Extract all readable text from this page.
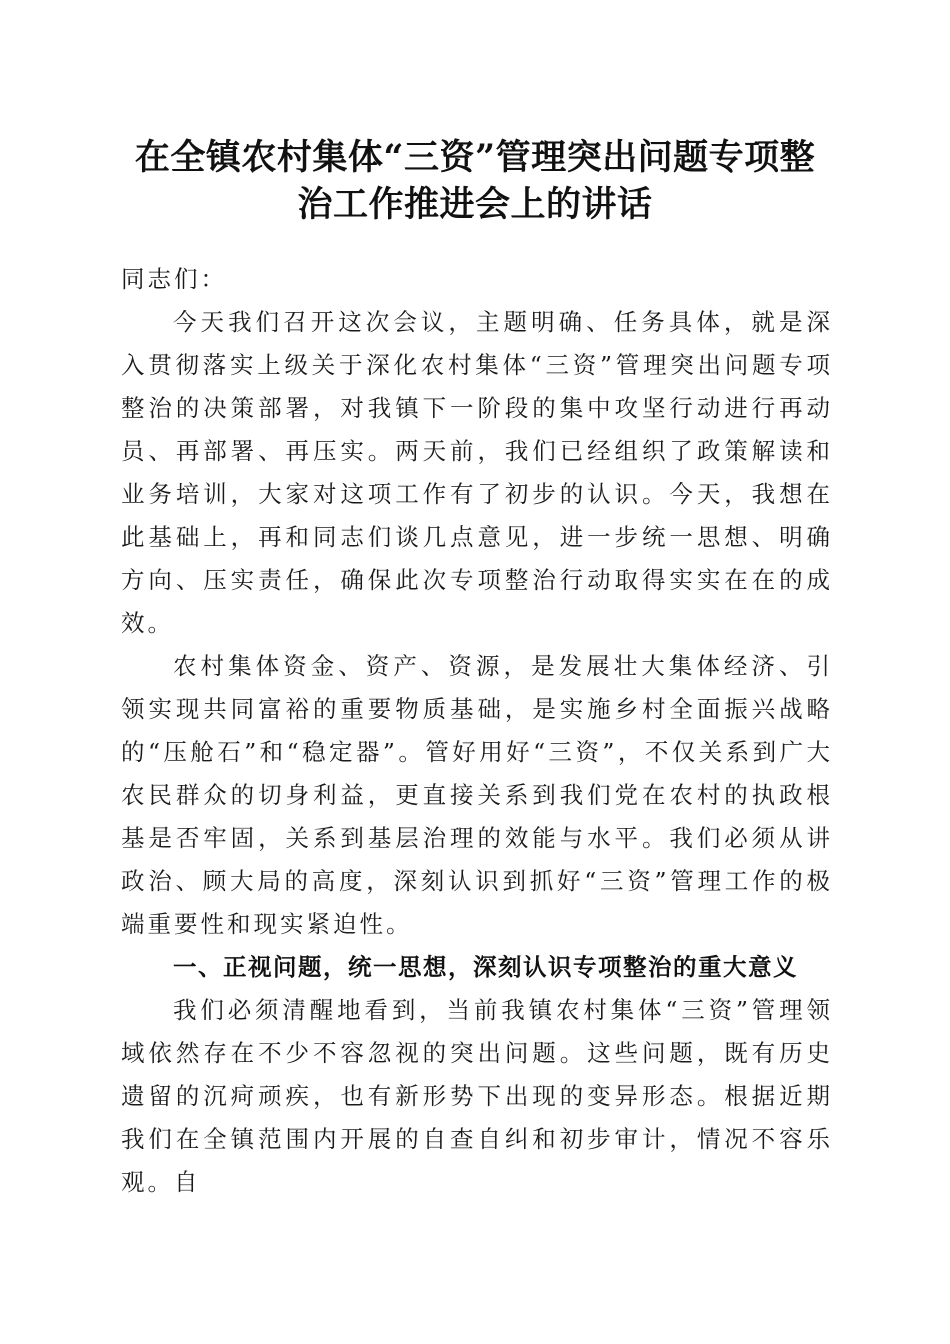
在全镇农村集体“三资”管理突出问题专项整
治工作推进会上的讲话

同志们：

今天我们召开这次会议，主题明确、任务具体，就是深入贯彻落实上级关于深化农村集体“三资”管理突出问题专项整治的决策部署，对我镇下一阶段的集中攻坚行动进行再动员、再部署、再压实。两天前，我们已经组织了政策解读和业务培训，大家对这项工作有了初步的认识。今天，我想在此基础上，再和同志们谈几点意见，进一步统一思想、明确方向、压实责任，确保此次专项整治行动取得实实在在的成效。

农村集体资金、资产、资源，是发展壮大集体经济、引领实现共同富裕的重要物质基础，是实施乡村全面振兴战略的“压舱石”和“稳定器”。管好用好“三资”，不仅关系到广大农民群众的切身利益，更直接关系到我们党在农村的执政根基是否牢固，关系到基层治理的效能与水平。我们必须从讲政治、顾大局的高度，深刻认识到抓好“三资”管理工作的极端重要性和现实紧迫性。

一、正视问题，统一思想，深刻认识专项整治的重大意义

我们必须清醒地看到，当前我镇农村集体“三资”管理领域依然存在不少不容忽视的突出问题。这些问题，既有历史遗留的沉疴顽疾，也有新形势下出现的变异形态。根据近期我们在全镇范围内开展的自查自纠和初步审计，情况不容乐观。自
